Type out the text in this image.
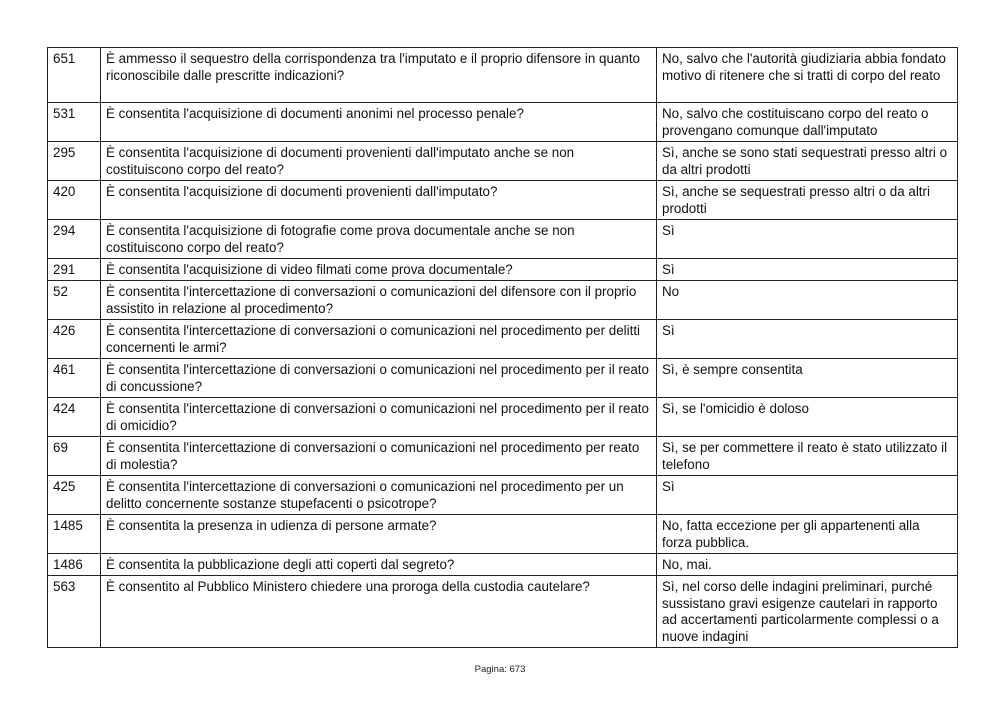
651	È ammesso il sequestro della corrispondenza tra l'imputato e il proprio difensore in quanto riconoscibile dalle prescritte indicazioni?	No, salvo che l'autorità giudiziaria abbia fondato motivo di ritenere che si tratti di corpo del reato
531	È consentita l'acquisizione di documenti anonimi nel processo penale?	No, salvo che costituiscano corpo del reato o provengano comunque dall'imputato
295	È consentita l'acquisizione di documenti provenienti dall'imputato anche se non costituiscono corpo del reato?	Sì, anche se sono stati sequestrati presso altri o da altri prodotti
420	È consentita l'acquisizione di documenti provenienti dall'imputato?	Sì, anche se sequestrati presso altri o da altri prodotti
294	È consentita l'acquisizione di fotografie come prova documentale anche se non costituiscono corpo del reato?	Sì
291	È consentita l'acquisizione di video filmati come prova documentale?	Sì
52	È consentita l'intercettazione di conversazioni o comunicazioni del difensore con il proprio assistito in relazione al procedimento?	No
426	È consentita l'intercettazione di conversazioni o comunicazioni nel procedimento per delitti concernenti le armi?	Sì
461	È consentita l'intercettazione di conversazioni o comunicazioni nel procedimento per il reato di concussione?	Sì, è sempre consentita
424	È consentita l'intercettazione di conversazioni o comunicazioni nel procedimento per il reato di omicidio?	Sì, se l'omicidio è doloso
69	È consentita l'intercettazione di conversazioni o comunicazioni nel procedimento per reato di molestia?	Sì, se per commettere il reato è stato utilizzato il telefono
425	È consentita l'intercettazione di conversazioni o comunicazioni nel procedimento per un delitto concernente sostanze stupefacenti o psicotrope?	Sì
1485	È consentita la presenza in udienza di persone armate?	No, fatta eccezione per gli appartenenti alla forza pubblica.
1486	È consentita la pubblicazione degli atti coperti dal segreto?	No, mai.
563	È consentito al Pubblico Ministero chiedere una proroga della custodia cautelare?	Sì, nel corso delle indagini preliminari, purché sussistano gravi esigenze cautelari in rapporto ad accertamenti particolarmente complessi o a nuove indagini
Pagina: 673
